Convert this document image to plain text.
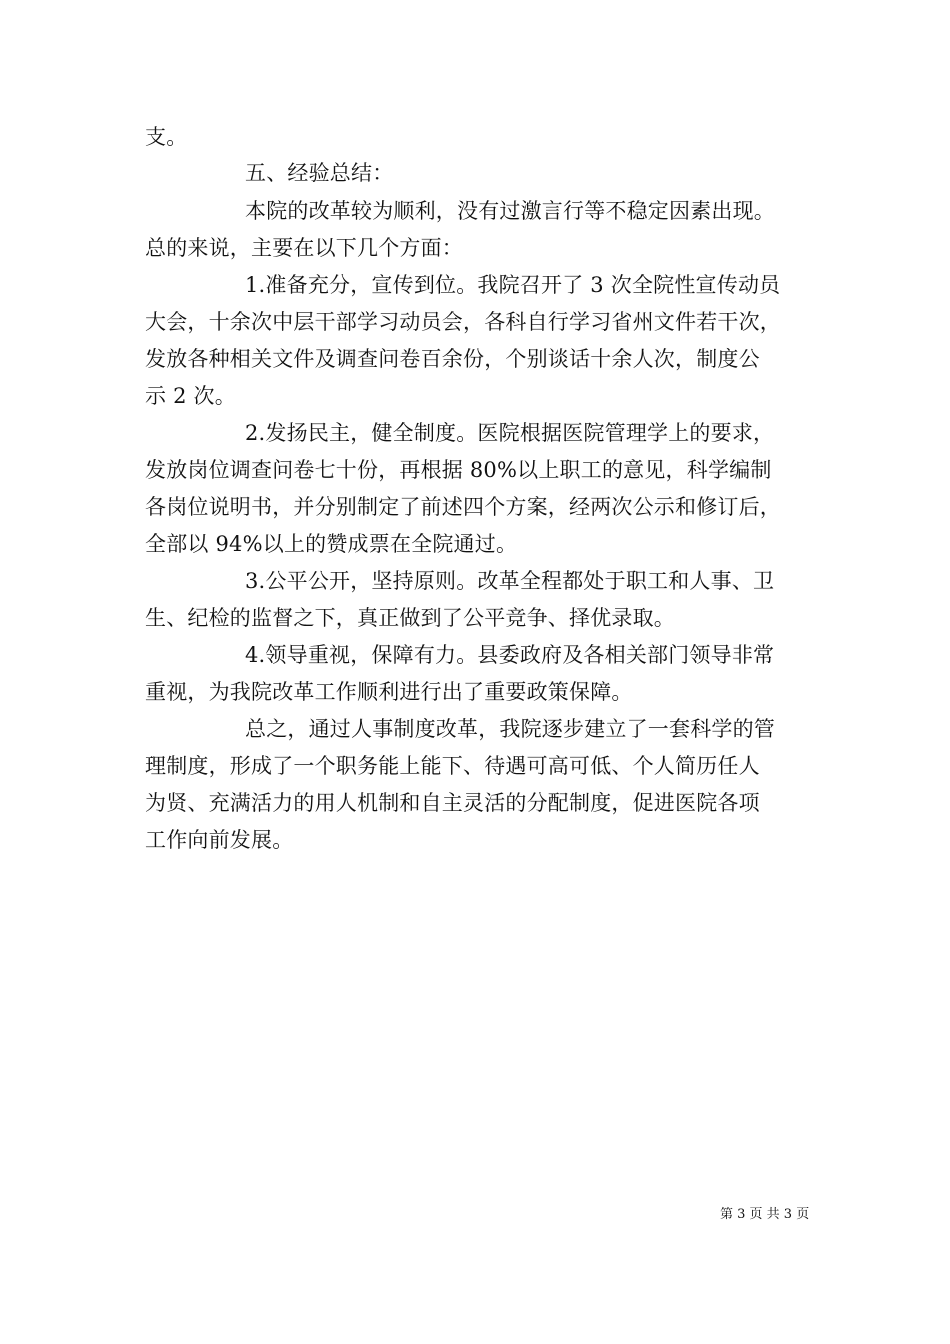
支。
五、经验总结：
本院的改革较为顺利，没有过激言行等不稳定因素出现。
总的来说，主要在以下几个方面：
1.准备充分，宣传到位。我院召开了 3 次全院性宣传动员
大会，十余次中层干部学习动员会，各科自行学习省州文件若干次，
发放各种相关文件及调查问卷百余份，个别谈话十余人次，制度公
示 2 次。
2.发扬民主，健全制度。医院根据医院管理学上的要求，
发放岗位调查问卷七十份，再根据 80%以上职工的意见，科学编制
各岗位说明书，并分别制定了前述四个方案，经两次公示和修订后，
全部以 94%以上的赞成票在全院通过。
3.公平公开，坚持原则。改革全程都处于职工和人事、卫
生、纪检的监督之下，真正做到了公平竞争、择优录取。
4.领导重视，保障有力。县委政府及各相关部门领导非常
重视，为我院改革工作顺利进行出了重要政策保障。
总之，通过人事制度改革，我院逐步建立了一套科学的管
理制度，形成了一个职务能上能下、待遇可高可低、个人简历任人
为贤、充满活力的用人机制和自主灵活的分配制度，促进医院各项
工作向前发展。
第 3 页 共 3 页
